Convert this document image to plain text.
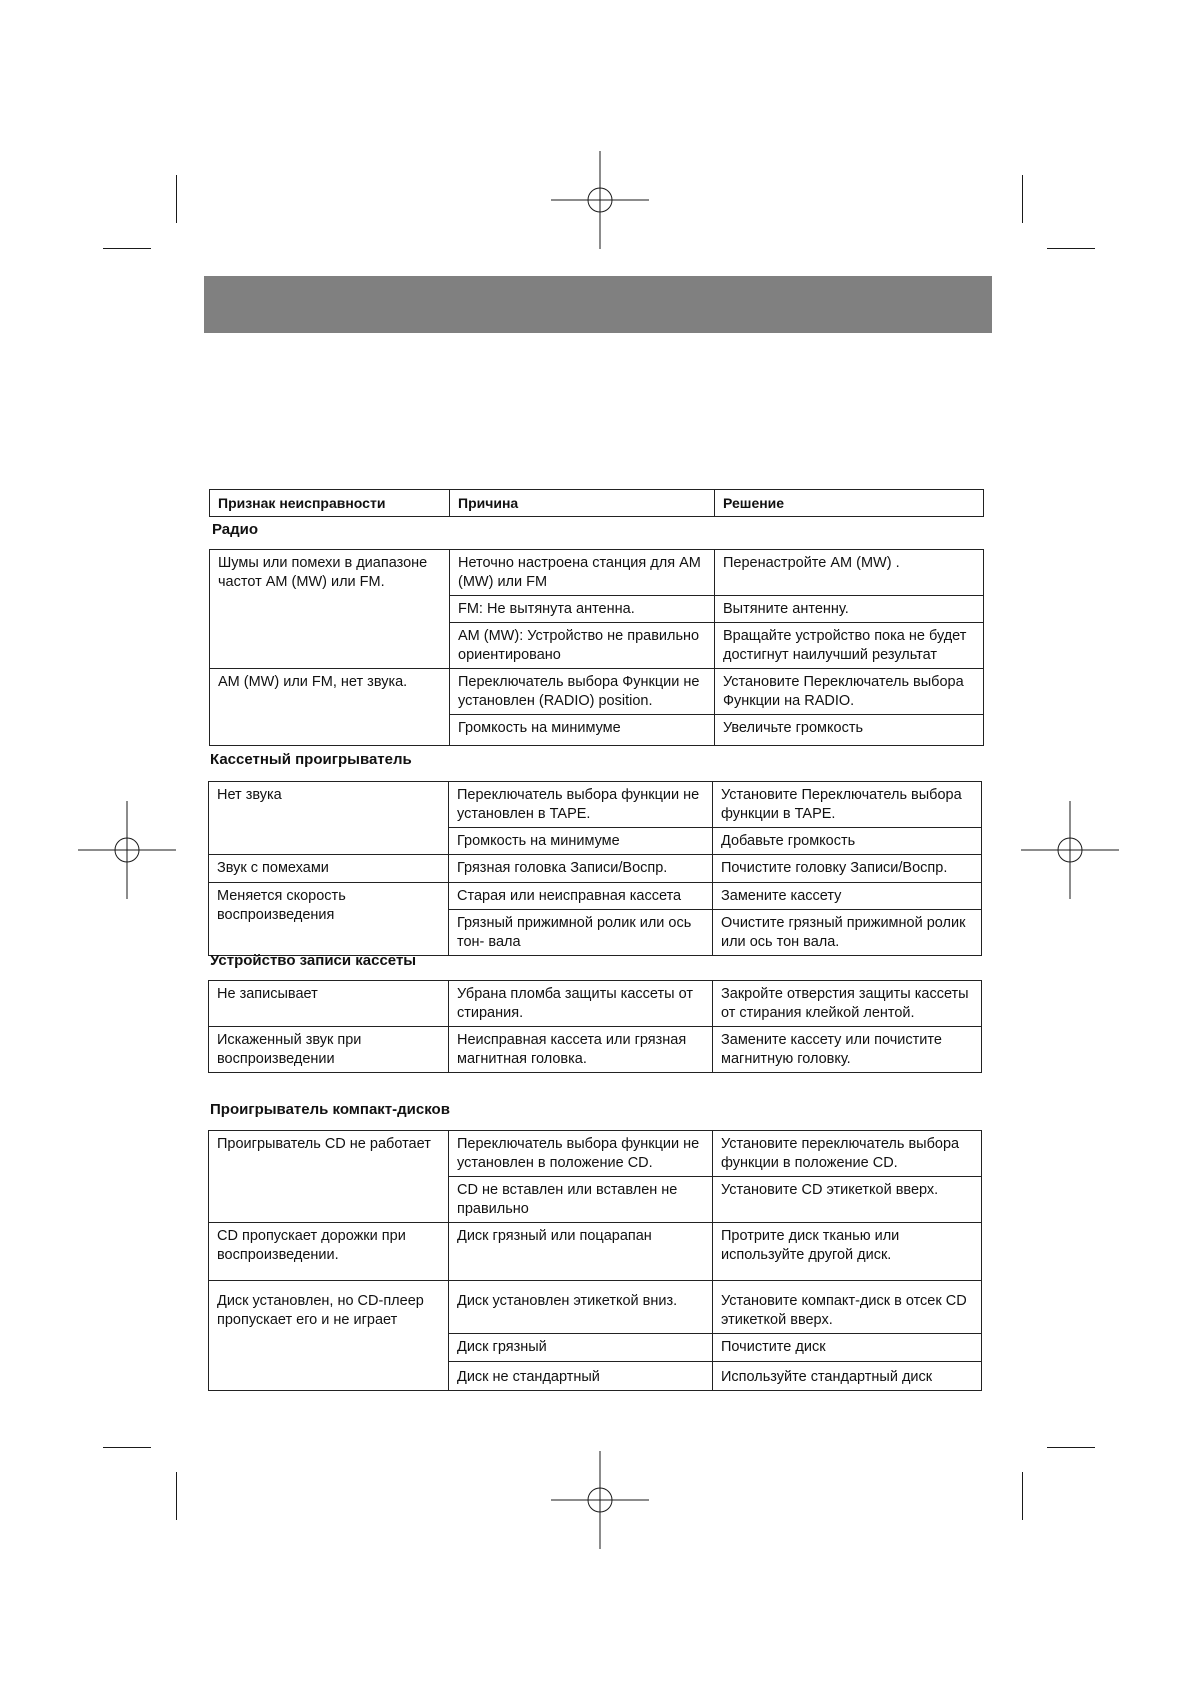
Признак неисправности	Причина	Решение
Радио
Шумы или помехи в диапазоне частот AM (MW) или FM.	Неточно настроена станция для AM (MW) или FM	Перенастройте AM (MW) .
	FM: Не вытянута антенна.	Вытяните антенну.
	AM (MW): Устройство не правильно ориентировано	Вращайте устройство пока не будет достигнут наилучший результат
AM (MW) или FM, нет звука.	Переключатель выбора Функции не установлен (RADIO) position.	Установите Переключатель выбора Функции на RADIO.
	Громкость на минимуме	Увеличьте громкость
Кассетный проигрыватель
Нет звука	Переключатель выбора функции не установлен в TAPE.	Установите Переключатель выбора функции в TAPE.
	Громкость на минимуме	Добавьте громкость
Звук с помехами	Грязная головка Записи/Воспр.	Почистите головку Записи/Воспр.
Меняется скорость воспроизведения	Старая или неисправная кассета	Замените кассету
	Грязный прижимной ролик или ось тон- вала	Очистите грязный прижимной ролик или ось тон вала.
Устройство записи кассеты
Не записывает	Убрана пломба защиты кассеты от стирания.	Закройте отверстия защиты кассеты от стирания клейкой лентой.
Искаженный звук при воспроизведении	Неисправная кассета или грязная магнитная головка.	Замените кассету или почистите магнитную головку.
Проигрыватель компакт-дисков
Проигрыватель CD не работает	Переключатель выбора функции не установлен в положение CD.	Установите переключатель выбора функции в положение CD.
	CD не вставлен или вставлен не правильно	Установите CD этикеткой вверх.
CD пропускает дорожки при воспроизведении.	Диск грязный или поцарапан	Протрите диск тканью или используйте другой диск.
Диск установлен, но CD-плеер пропускает его и не играет	Диск установлен этикеткой вниз.	Установите компакт-диск в отсек CD этикеткой вверх.
	Диск грязный	Почистите диск
	Диск не стандартный	Используйте стандартный диск
